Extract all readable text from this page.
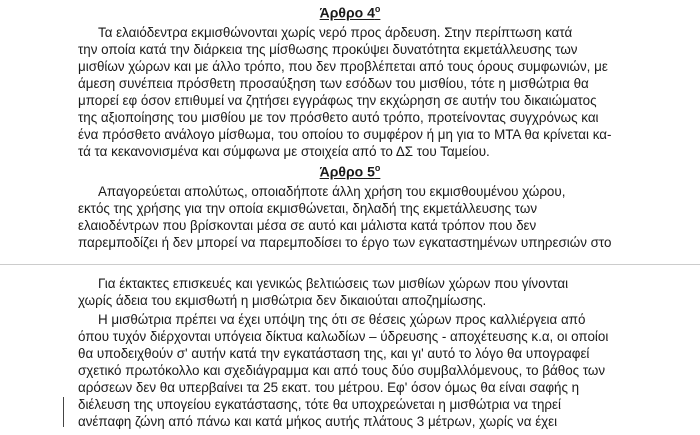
Άρθρο $4^o$
Τα ελαιόδεντρα εκμισθώνονται χωρίς νερό προς άρδευση. Στην περίπτωση κατά
την οποία κατά την διάρκεια της μίσθωσης προκύψει δυνατότητα εκμετάλλευσης των
μισθίων χώρων και με άλλο τρόπο, που δεν προβλέπεται από τους όρους συμφωνιών, με
άμεση συνέπεια πρόσθετη προσαύξηση των εσόδων του μισθίου, τότε η μισθώτρια θα
μπορεί εφ όσον επιθυμεί να ζητήσει εγγράφως την εκχώρηση σε αυτήν του δικαιώματος
της αξιοποίησης του μισθίου με τον πρόσθετο αυτό τρόπο, προτείνοντας συγχρόνως και
ένα πρόσθετο ανάλογο μίσθωμα, του οποίου το συμφέρον ή μη για το ΜΤΑ θα κρίνεται κα-
τά τα κεκανονισμένα και σύμφωνα με στοιχεία από το ΔΣ του Ταμείου.
Άρθρο $5^o$
Απαγορεύεται απολύτως, οποιαδήποτε άλλη χρήση του εκμισθουμένου χώρου,
εκτός της χρήσης για την οποία εκμισθώνεται, δηλαδή της εκμετάλλευσης των
ελαιοδέντρων που βρίσκονται μέσα σε αυτό και μάλιστα κατά τρόπον που δεν
παρεμποδίζει ή δεν μπορεί να παρεμποδίσει το έργο των εγκαταστημένων υπηρεσιών στο
Για έκτακτες επισκευές και γενικώς βελτιώσεις των μισθίων χώρων που γίνονται
χωρίς άδεια του εκμισθωτή η μισθώτρια δεν δικαιούται αποζημίωσης.
Η μισθώτρια πρέπει να έχει υπόψη της ότι σε θέσεις χώρων προς καλλιέργεια από
όπου τυχόν διέρχονται υπόγεια δίκτυα καλωδίων – ύδρευσης - αποχέτευσης κ.α, οι οποίοι
θα υποδειχθούν σ' αυτήν κατά την εγκατάσταση της, και γι' αυτό το λόγο θα υπογραφεί
σχετικό πρωτόκολλο και σχεδιάγραμμα και από τους δύο συμβαλλόμενους, το βάθος των
αρόσεων δεν θα υπερβαίνει τα 25 εκατ. του μέτρου. Εφ' όσον όμως θα είναι σαφής η
διέλευση της υπογείου εγκατάστασης, τότε θα υποχρεώνεται η μισθώτρια να τηρεί
ανέπαφη ζώνη από πάνω και κατά μήκος αυτής πλάτους 3 μέτρων, χωρίς να έχει
